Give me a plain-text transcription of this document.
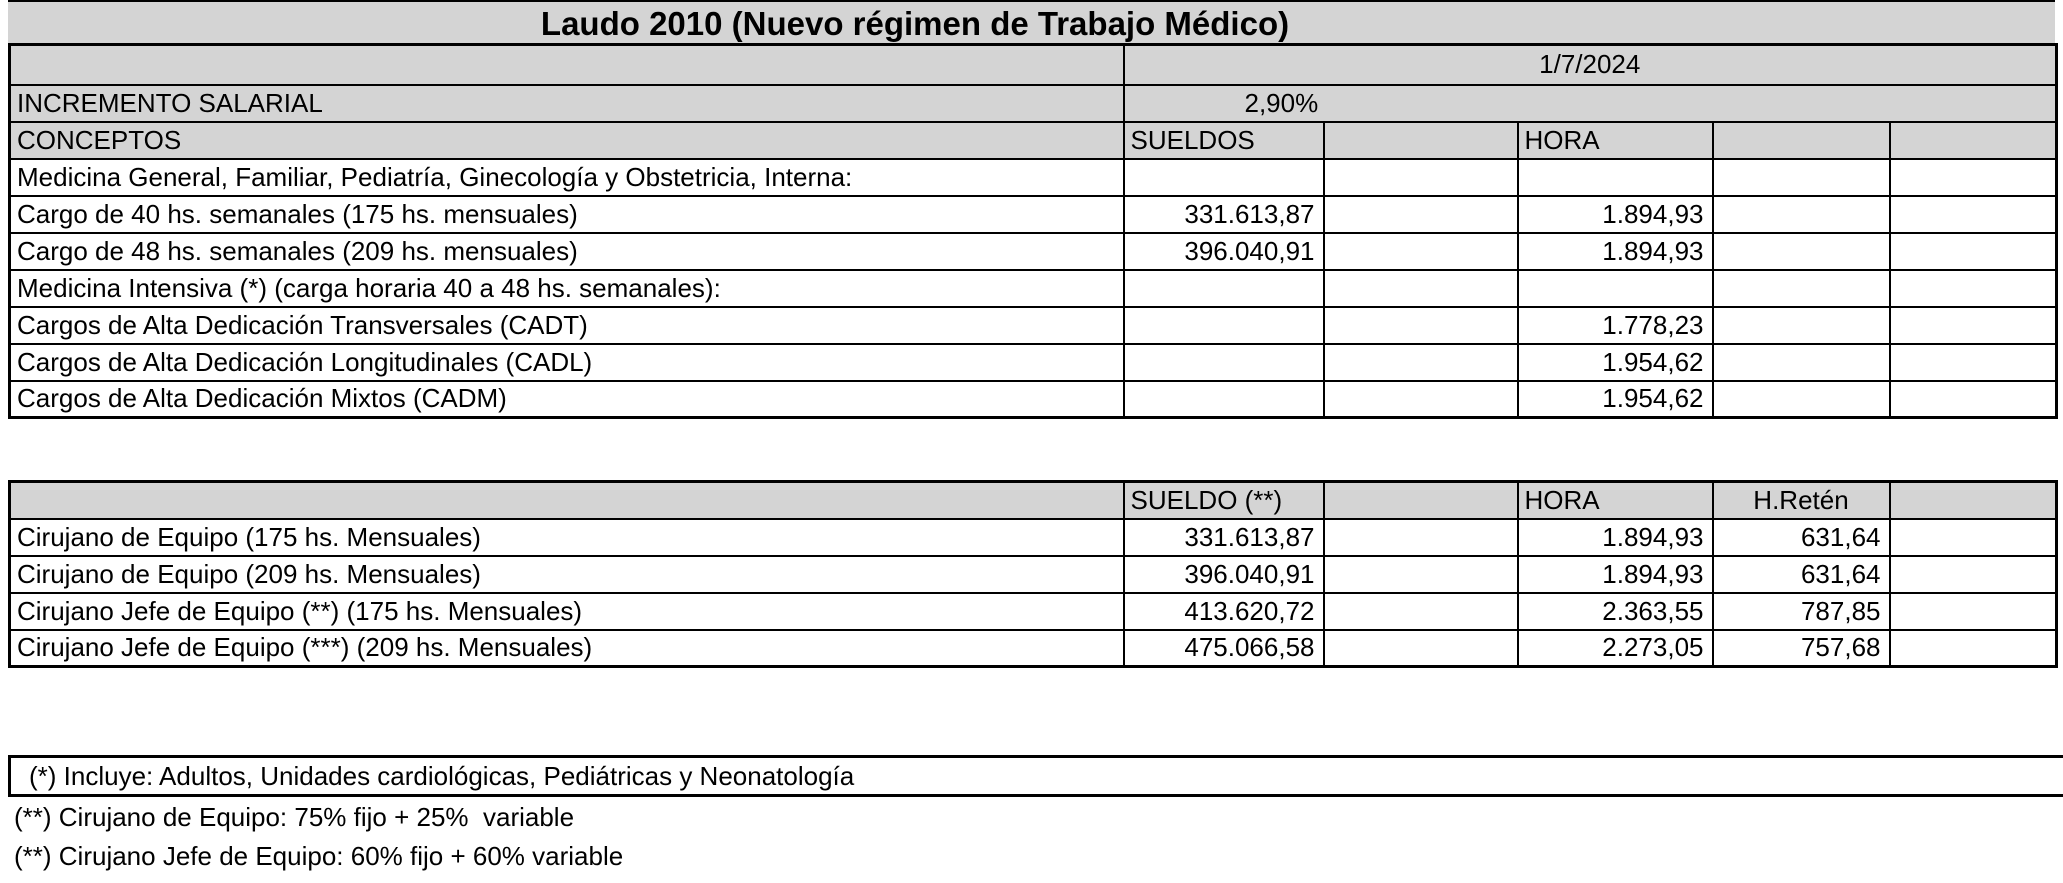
Laudo 2010 (Nuevo régimen de Trabajo Médico)
	1/7/2024				
INCREMENTO SALARIAL	2,90%				
CONCEPTOS	SUELDOS		HORA		
Medicina General, Familiar, Pediatría, Ginecología y Obstetricia, Interna:					
Cargo de 40 hs. semanales (175 hs. mensuales)	331.613,87		1.894,93		
Cargo de 48 hs. semanales (209 hs. mensuales)	396.040,91		1.894,93		
Medicina Intensiva (*) (carga horaria 40 a 48 hs. semanales):					
Cargos de Alta Dedicación Transversales (CADT)			1.778,23		
Cargos de Alta Dedicación Longitudinales (CADL)			1.954,62		
Cargos de Alta Dedicación Mixtos (CADM)			1.954,62		
	SUELDO (**)		HORA	H.Retén	
Cirujano de Equipo (175 hs. Mensuales)	331.613,87		1.894,93	631,64	
Cirujano de Equipo (209 hs. Mensuales)	396.040,91		1.894,93	631,64	
Cirujano Jefe de Equipo (**) (175 hs. Mensuales)	413.620,72		2.363,55	787,85	
Cirujano Jefe de Equipo (***) (209 hs. Mensuales)	475.066,58		2.273,05	757,68	
(*) Incluye: Adultos, Unidades cardiológicas, Pediátricas y Neonatología
(**) Cirujano de Equipo: 75% fijo + 25%  variable
(**) Cirujano Jefe de Equipo: 60% fijo + 60% variable
